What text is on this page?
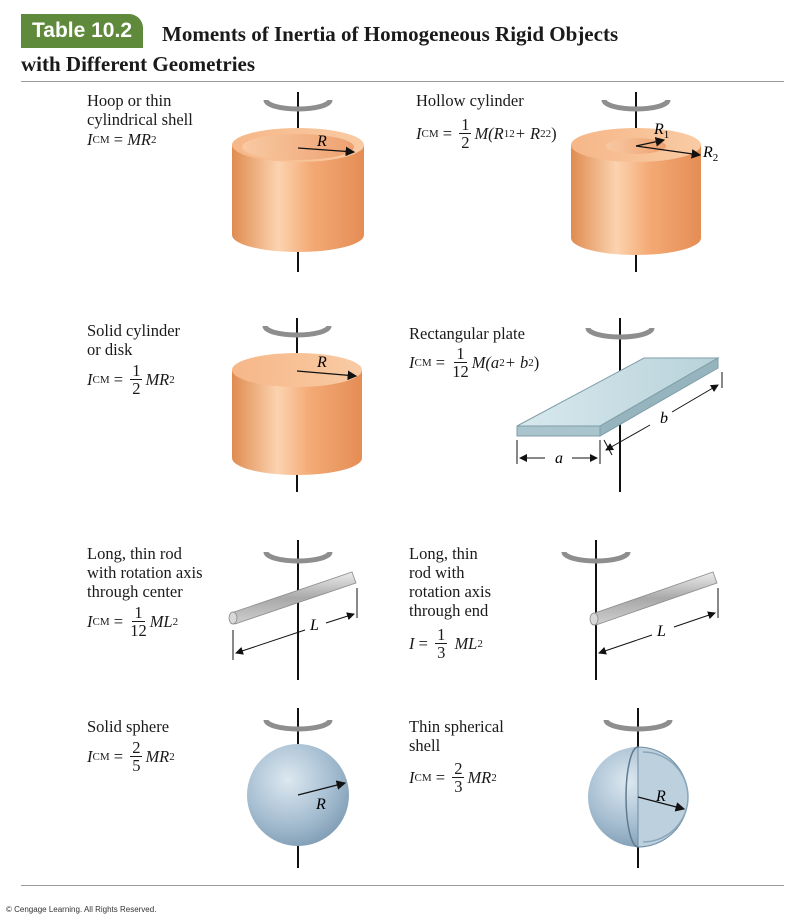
Table 10.2	Moments of Inertia of Homogeneous Rigid Objects
with Different Geometries
R
$R_1$
$R_2$
R
a
b
L	L
R	R
Hoop or thin
cylindrical shell
I CM = MR 2
Hollow cylinder
I CM = $\frac{1}{2} M(R$ 1 2 + R 2 2 )
Solid cylinder
or disk
I CM = $\frac{1}{2}$ MR 2
Rectangular plate
I CM = $\frac{1}{12} M(a$ 2 + b 2 )
Long, thin rod
with rotation axis
through center
I CM = $\frac{1}{12}$ ML 2
Long, thin
rod with
rotation axis
through end
$I = \frac{1}{3}$
ML 2
Solid sphere
I CM = $\frac{2}{5}$ MR 2
Thin spherical
shell
I CM = $\frac{2}{3}$ MR 2
© Cengage Learning. All Rights Reserved.
